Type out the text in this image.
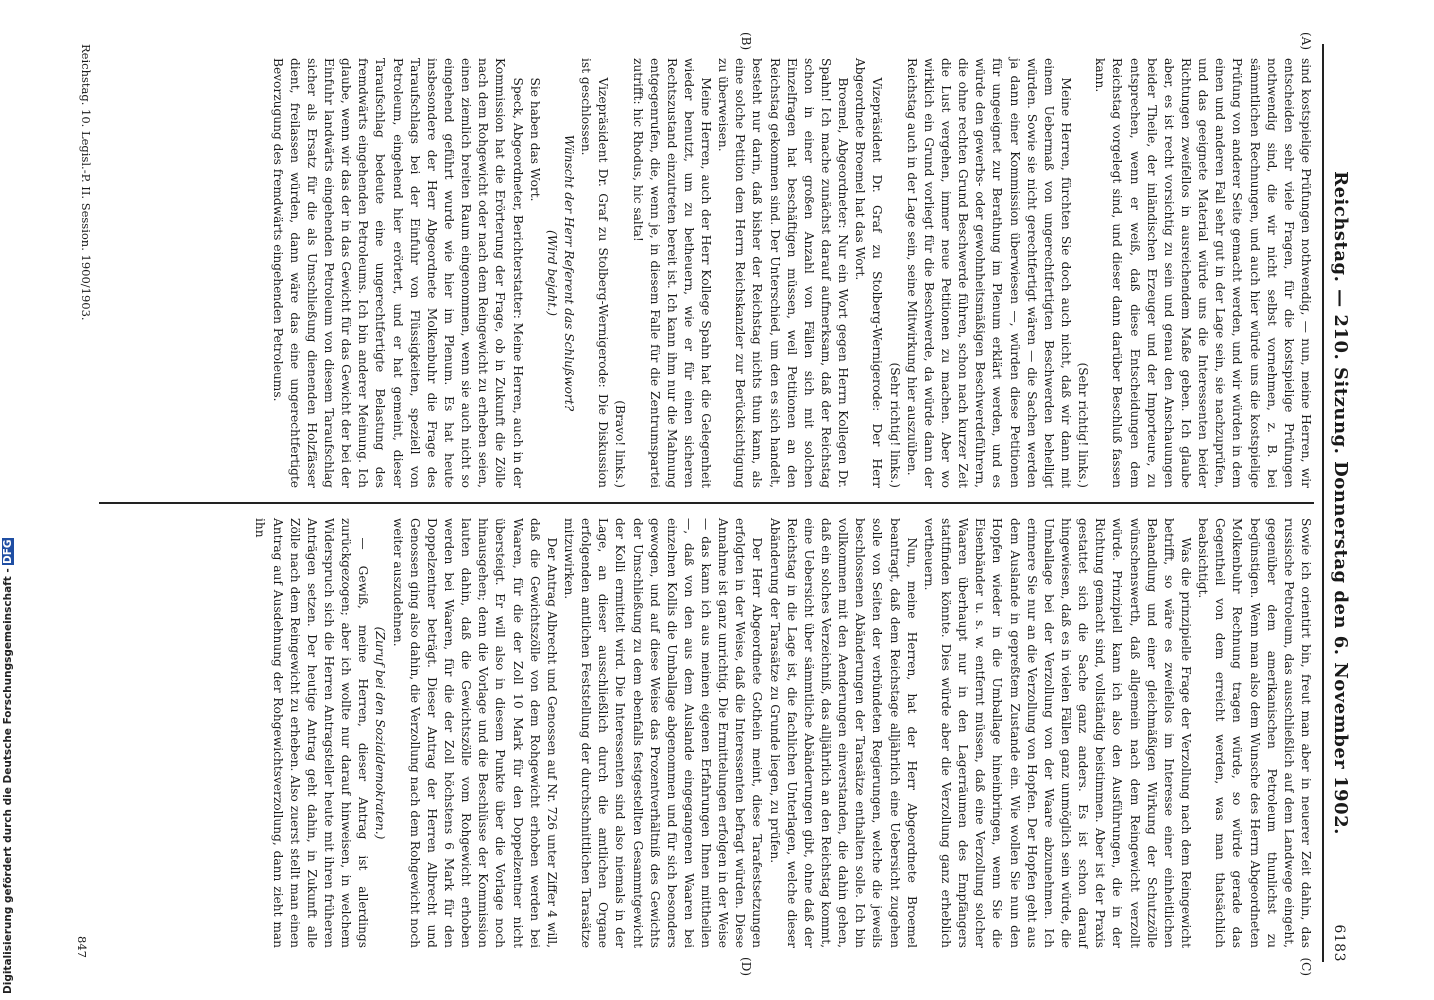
Reichstag. — 210. Sitzung. Donnerstag den 6. November 1902.
6183
(A)

sind kostspielige Prüfungen nothwendig, — nun, meine Herren, wir entscheiden sehr viele Fragen, für die kostspielige Prüfungen nothwendig sind, die wir nicht selbst vornehmen, z. B. bei sämmtlichen Rechnungen, und auch hier würde uns die kostspielige Prüfung von anderer Seite gemacht werden, und wir würden in dem einen und anderen Fall sehr gut in der Lage sein, sie nachzuprüfen, und das geeignete Material würde uns die Interessenten beider Richtungen zweifellos in ausreichendem Maße geben. Ich glaube aber, es ist recht vorsichtig zu sein und genau den Anschauungen beider Theile, der inländischen Erzeuger und der Importeure, zu entsprechen, wenn er weiß, daß diese Entscheidungen dem Reichstag vorgelegt sind, und dieser dann darüber Beschluß fassen kann.

(Sehr richtig! links.)

Meine Herren, fürchten Sie doch auch nicht, daß wir dann mit einem Uebermaß von ungerechtfertigten Beschwerden behelligt würden. Sowie sie nicht gerechtfertigt wären — die Sachen werden ja dann einer Kommission überwiesen —, würden diese Petitionen für ungeeignet zur Berathung im Plenum erklärt werden, und es würde den gewerbs- oder gewohnheitsmäßigen Beschwerdeführern, die ohne rechten Grund Beschwerde führen, schon nach kurzer Zeit die Lust vergehen, immer neue Petitionen zu machen. Aber wo wirklich ein Grund vorliegt für die Beschwerde, da würde dann der Reichstag auch in der Lage sein, seine Mitwirkung hier auszuüben.

(Sehr richtig! links.)

Vizepräsident Dr. Graf zu Stolberg-Wernigerode: Der Herr Abgeordnete Broemel hat das Wort.

(B)

Broemel, Abgeordneter: Nur ein Wort gegen Herrn Kollegen Dr. Spahn! Ich mache zunächst darauf aufmerksam, daß der Reichstag schon in einer großen Anzahl von Fällen sich mit solchen Einzelfragen hat beschäftigen müssen, weil Petitionen an den Reichstag gekommen sind. Der Unterschied, um den es sich handelt, besteht nur darin, daß bisher der Reichstag nichts thun kann, als eine solche Petition dem Herrn Reichskanzler zur Berücksichtigung zu überweisen.

Meine Herren, auch der Herr Kollege Spahn hat die Gelegenheit wieder benutzt, um zu betheuern, wie er für einen sicheren Rechtszustand einzutreten bereit ist. Ich kann ihm nur die Mahnung entgegenrufen, die, wenn je, in diesem Falle für die Zentrumspartei zutrifft: hic Rhodus, hic salta!

(Bravo! links.)

Vizepräsident Dr. Graf zu Stolberg-Wernigerode: Die Diskussion ist geschlossen.

Wünscht der Herr Referent das Schlußwort?

(Wird bejaht.)

Sie haben das Wort.

Speck, Abgeordneter, Berichterstatter: Meine Herren, auch in der Kommission hat die Erörterung der Frage, ob in Zukunft die Zölle nach dem Rohgewicht oder nach dem Reingewicht zu erheben seien, einen ziemlich breiten Raum eingenommen, wenn sie auch nicht so eingehend geführt wurde wie hier im Plenum. Es hat heute insbesondere der Herr Abgeordnete Molkenbuhr die Frage des Taraufschlags bei der Einfuhr von Flüssigkeiten, speziell von Petroleum, eingehend hier erörtert, und er hat gemeint, dieser Taraufschlag bedeute eine ungerechtfertigte Belastung des fremdwärts eingehenden Petroleums. Ich bin anderer Meinung. Ich glaube, wenn wir das der in das Gewicht für das Gewicht der bei der Einfuhr landwärts eingehenden Petroleum von diesem Taraufschlag sicher als Ersatz für die als Umschließung dienenden Holzfässer dient, freilassen würden, dann wäre das eine ungerechtfertigte Bevorzugung des fremdwärts eingehenden Petroleums.

(C)

Sowie ich orientirt bin, freut man aber in neuerer Zeit dahin, das russische Petroleum, das ausschließlich auf dem Landwege eingeht, gegenüber dem amerikanischen Petroleum thunlichst zu begünstigen. Wenn man also dem Wunsche des Herrn Abgeordneten Molkenbuhr Rechnung tragen würde, so würde gerade das Gegentheil von dem erreicht werden, was man thatsächlich beabsichtigt.

Was die prinzipielle Frage der Verzollung nach dem Reingewicht betrifft, so wäre es zweifellos im Interesse einer einheitlichen Behandlung und einer gleichmäßigen Wirkung der Schutzzölle wünschenswerth, daß allgemein nach dem Reingewicht verzollt würde. Prinzipiell kann ich also den Ausführungen, die in der Richtung gemacht sind, vollständig beistimmen. Aber ist der Praxis gestattet sich die Sache ganz anders. Es ist schon darauf hingewiesen, daß es in vielen Fällen ganz unmöglich sein würde, die Umballage bei der Verzollung von der Waare abzunehmen. Ich erinnere Sie nur an die Verzollung von Hopfen. Der Hopfen geht aus dem Auslande in gepreßtem Zustande ein. Wie wollen Sie nun den Hopfen wieder in die Umballage hineinbringen, wenn Sie die Eisenbänder u. s. w. entfernt müssen, daß eine Verzollung solcher Waaren überhaupt nur in den Lagerräumen des Empfängers stattfinden könnte. Dies würde aber die Verzollung ganz erheblich vertheuern.

(D)

Nun, meine Herren, hat der Herr Abgeordnete Broemel beantragt, daß dem Reichstage alljährlich eine Uebersicht zugehen solle von Seiten der verbündeten Regierungen, welche die jeweils beschlossenen Abänderungen der Tarasätze enthalten solle. Ich bin vollkommen mit den Aenderungen einverstanden, die dahin gehen, daß ein solches Verzeichniß, das alljährlich an den Reichstag kommt, eine Uebersicht über sämmtliche Abänderungen gibt, ohne daß der Reichstag in die Lage ist, die fachlichen Unterlagen, welche dieser Abänderung der Tarasätze zu Grunde liegen, zu prüfen.

Der Herr Abgeordnete Gothein meint, diese Tarafestsetzungen erfolgten in der Weise, daß die Interessenten befragt würden. Diese Annahme ist ganz unrichtig. Die Ermittelungen erfolgen in der Weise — das kann ich aus meinen eigenen Erfahrungen Ihnen mittheilen —, daß von den aus dem Auslande eingegangenen Waaren bei einzelnen Kollis die Umballage abgenommen und für sich besonders gewogen, und auf diese Weise das Prozentverhältniß des Gewichts der Umschließung zu dem ebenfalls festgestellten Gesammtgewicht der Kolli ermittelt wird. Die Interessenten sind also niemals in der Lage, an dieser ausschließlich durch die amtlichen Organe erfolgenden amtlichen Feststellung der durchschnittlichen Tarasätze mitzuwirken.

Der Antrag Albrecht und Genossen auf Nr. 726 unter Ziffer 4 will, daß die Gewichtszölle von dem Rohgewicht erhoben werden bei Waaren, für die der Zoll 10 Mark für den Doppelzentner nicht übersteigt. Er will also in diesem Punkte über die Vorlage noch hinausgehen; denn die Vorlage und die Beschlüsse der Kommission lauten dahin, daß die Gewichtszölle vom Rohgewicht erhoben werden bei Waaren, für die der Zoll höchstens 6 Mark für den Doppelzentner beträgt. Dieser Antrag der Herren Albrecht und Genossen ging also dahin, die Verzollung nach dem Rohgewicht noch weiter auszudehnen.

(Zuruf bei den Sozialdemokraten.)

— Gewiß, meine Herren, dieser Antrag ist allerdings zurückgezogen; aber ich wollte nur darauf hinweisen, in welchem Widerspruch sich die Herren Antragsteller heute mit ihren früheren Anträgen setzen. Der heutige Antrag geht dahin, in Zukunft alle Zölle nach dem Reingewicht zu erheben. Also zuerst stellt man einen Antrag auf Ausdehnung der Rohgewichtsverzollung, dann zieht man ihn

Reichstag. 10. Legisl.-P. II. Session. 1900/1903.
847
Digitalisierung gefördert durch die Deutsche Forschungsgemeinschaft - DFG
